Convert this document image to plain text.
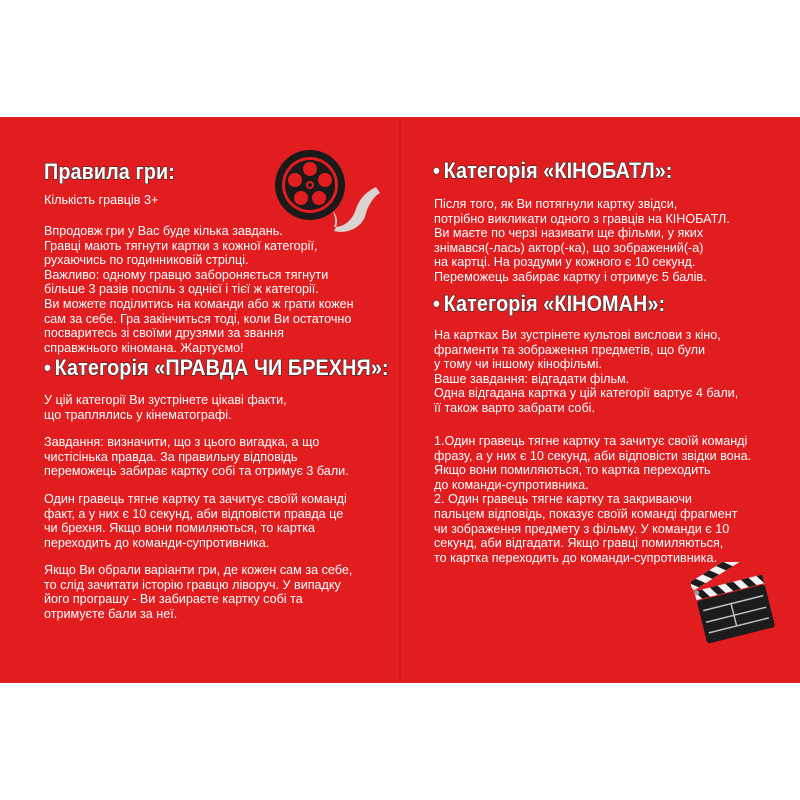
Правила гри:
Кількість гравців 3+
Впродовж гри у Вас буде кілька завдань.
Гравці мають тягнути картки з кожної категорії,
рухаючись по годинниковій стрілці.
Важливо: одному гравцю забороняється тягнути
більше 3 разів поспіль з однієї і тієї ж категорії.
Ви можете поділитись на команди або ж грати кожен
сам за себе. Гра закінчиться тоді, коли Ви остаточно
посваритесь зі своїми друзями за звання
справжнього кіномана. Жартуємо!
• Категорія «ПРАВДА ЧИ БРЕХНЯ»:
У цій категорії Ви зустрінете цікаві факти,
що траплялись у кінематографі.
Завдання: визначити, що з цього вигадка, а що
чистісінька правда. За правильну відповідь
переможець забирає картку собі та отримує 3 бали.
Один гравець тягне картку та зачитує своїй команді
факт, а у них є 10 секунд, аби відповісти правда це
чи брехня. Якщо вони помиляються, то картка
переходить до команди-супротивника.
Якщо Ви обрали варіанти гри, де кожен сам за себе,
то слід зачитати історію гравцю ліворуч. У випадку
його програшу - Ви забираєте картку собі та
отримуєте бали за неї.
• Категорія «КІНОБАТЛ»:
Після того, як Ви потягнули картку звідси,
потрібно викликати одного з гравців на КІНОБАТЛ.
Ви маєте по черзі називати ще фільми, у яких
знімався(-лась) актор(-ка), що зображений(-а)
на картці. На роздуми у кожного є 10 секунд.
Переможець забирає картку і отримує 5 балів.
• Категорія «КІНОМАН»:
На картках Ви зустрінете культові вислови з кіно,
фрагменти та зображення предметів, що були
у тому чи іншому кінофільмі.
Ваше завдання: відгадати фільм.
Одна відгадана картка у цій категорії вартує 4 бали,
її також варто забрати собі.
1.Один гравець тягне картку та зачитує своїй команді
фразу, а у них є 10 секунд, аби відповісти звідки вона.
Якщо вони помиляються, то картка переходить
до команди-супротивника.
2. Один гравець тягне картку та закриваючи
пальцем відповідь, показує своїй команді фрагмент
чи зображення предмету з фільму. У команди є 10
секунд, аби відгадати. Якщо гравці помиляються,
то картка переходить до команди-супротивника.
